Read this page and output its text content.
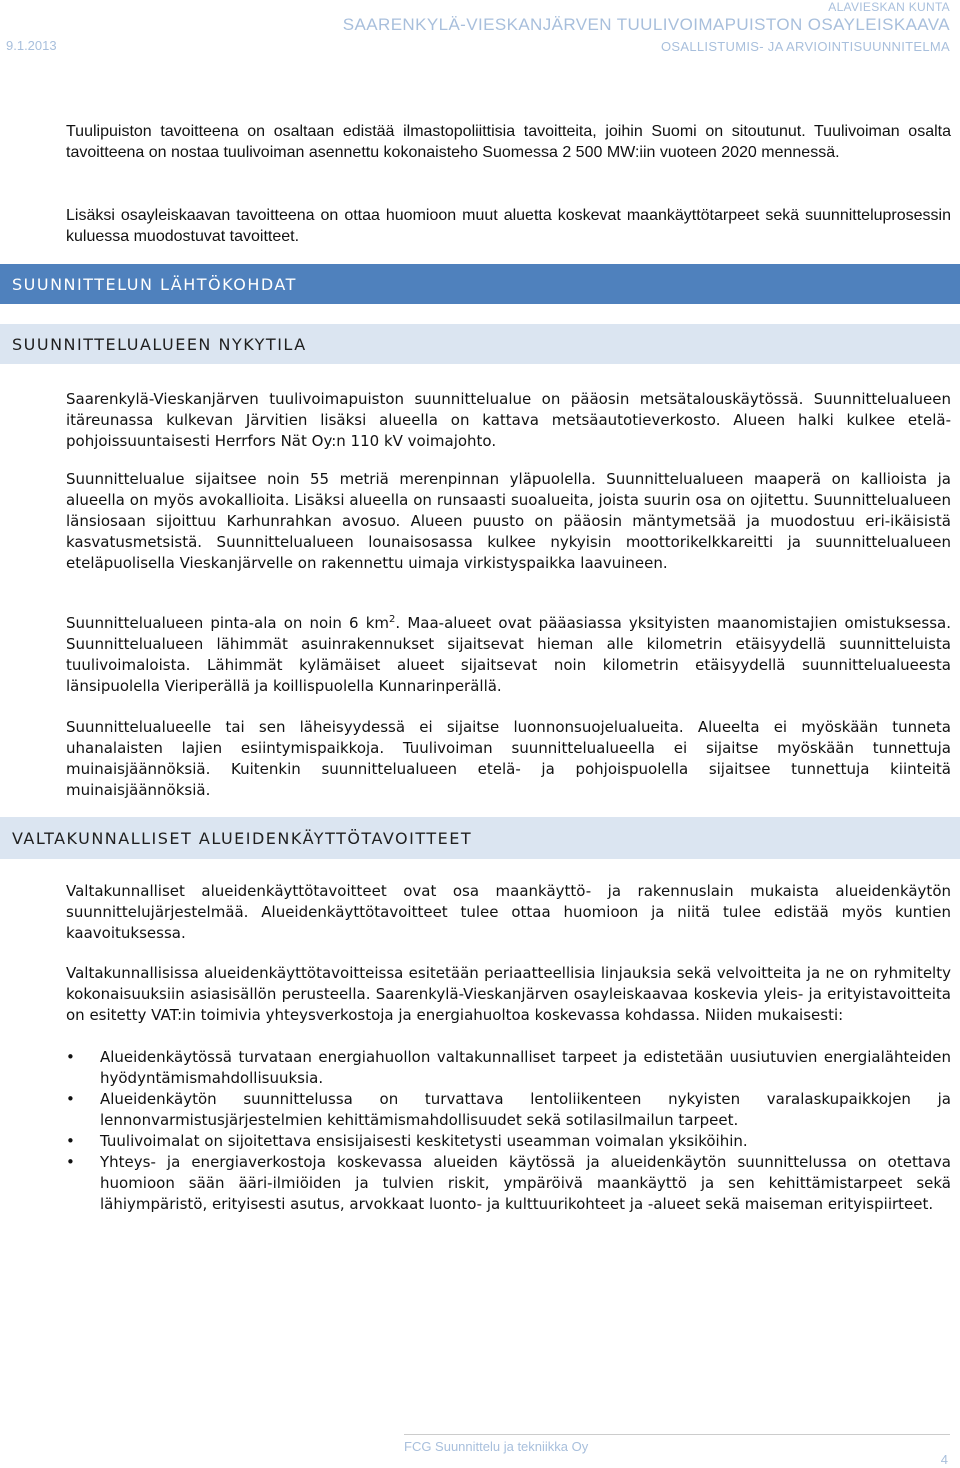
ALAVIESKAN KUNTA
SAARENKYLÄ-VIESKANJÄRVEN TUULIVOIMAPUISTON OSAYLEISKAAVA
9.1.2013	OSALLISTUMIS- JA ARVIOINTISUUNNITELMA

Tuulipuiston tavoitteena on osaltaan edistää ilmastopoliittisia tavoitteita, joihin Suomi on sitoutunut. Tuulivoiman osalta tavoitteena on nostaa tuulivoiman asennettu kokonaisteho Suomessa 2 500 MW:iin vuoteen 2020 mennessä.

Lisäksi osayleiskaavan tavoitteena on ottaa huomioon muut aluetta koskevat maankäyttötarpeet sekä suunnitteluprosessin kuluessa muodostuvat tavoitteet.

SUUNNITTELUN LÄHTÖKOHDAT
SUUNNITTELUALUEEN NYKYTILA

Saarenkylä-Vieskanjärven tuulivoimapuiston suunnittelualue on pääosin metsätalouskäytössä. Suunnittelualueen itäreunassa kulkevan Järvitien lisäksi alueella on kattava metsäautotieverkosto. Alueen halki kulkee etelä-pohjoissuuntaisesti Herrfors Nät Oy:n 110 kV voimajohto.

Suunnittelualue sijaitsee noin 55 metriä merenpinnan yläpuolella. Suunnittelualueen maaperä on kallioista ja alueella on myös avokallioita. Lisäksi alueella on runsaasti suoalueita, joista suurin osa on ojitettu. Suunnittelualueen länsiosaan sijoittuu Karhunrahkan avosuo. Alueen puusto on pääosin mäntymetsää ja muodostuu eri-ikäisistä kasvatusmetsistä. Suunnittelualueen lounaisosassa kulkee nykyisin moottorikelkkareitti ja suunnittelualueen eteläpuolisella Vieskanjärvelle on rakennettu uimaja virkistyspaikka laavuineen.

Suunnittelualueen pinta-ala on noin 6 $km^2$. Maa-alueet ovat pääasiassa yksityisten maanomistajien omistuksessa. Suunnittelualueen lähimmät asuinrakennukset sijaitsevat hieman alle kilometrin etäisyydellä suunnitteluista tuulivoimaloista. Lähimmät kylämäiset alueet sijaitsevat noin kilometrin etäisyydellä suunnittelualueesta länsipuolella Vieriperällä ja koillispuolella Kunnarinperällä.

Suunnittelualueelle tai sen läheisyydessä ei sijaitse luonnonsuojelualueita. Alueelta ei myöskään tunneta uhanalaisten lajien esiintymispaikkoja. Tuulivoiman suunnittelualueella ei sijaitse myöskään tunnettuja muinaisjäännöksiä. Kuitenkin suunnittelualueen etelä- ja pohjoispuolella sijaitsee tunnettuja kiinteitä muinaisjäännöksiä.

VALTAKUNNALLISET ALUEIDENKÄYTTÖTAVOITTEET

Valtakunnalliset alueidenkäyttötavoitteet ovat osa maankäyttö- ja rakennuslain mukaista alueidenkäytön suunnittelujärjestelmää. Alueidenkäyttötavoitteet tulee ottaa huomioon ja niitä tulee edistää myös kuntien kaavoituksessa.

Valtakunnallisissa alueidenkäyttötavoitteissa esitetään periaatteellisia linjauksia sekä velvoitteita ja ne on ryhmitelty kokonaisuuksiin asiasisällön perusteella. Saarenkylä-Vieskanjärven osayleiskaavaa koskevia yleis- ja erityistavoitteita on esitetty VAT:in toimivia yhteysverkostoja ja energiahuoltoa koskevassa kohdassa. Niiden mukaisesti:

• Alueidenkäytössä turvataan energiahuollon valtakunnalliset tarpeet ja edistetään uusiutuvien energialähteiden hyödyntämismahdollisuuksia.
• Alueidenkäytön suunnittelussa on turvattava lentoliikenteen nykyisten varalaskupaikkojen ja lennonvarmistusjärjestelmien kehittämismahdollisuudet sekä sotilasilmailun tarpeet.
• Tuulivoimalat on sijoitettava ensisijaisesti keskitetysti useamman voimalan yksiköihin.
• Yhteys- ja energiaverkostoja koskevassa alueiden käytössä ja alueidenkäytön suunnittelussa on otettava huomioon sään ääri-ilmiöiden ja tulvien riskit, ympäröivä maankäyttö ja sen kehittämistarpeet sekä lähiympäristö, erityisesti asutus, arvokkaat luonto- ja kulttuurikohteet ja -alueet sekä maiseman erityispiirteet.
FCG Suunnittelu ja tekniikka Oy
4
